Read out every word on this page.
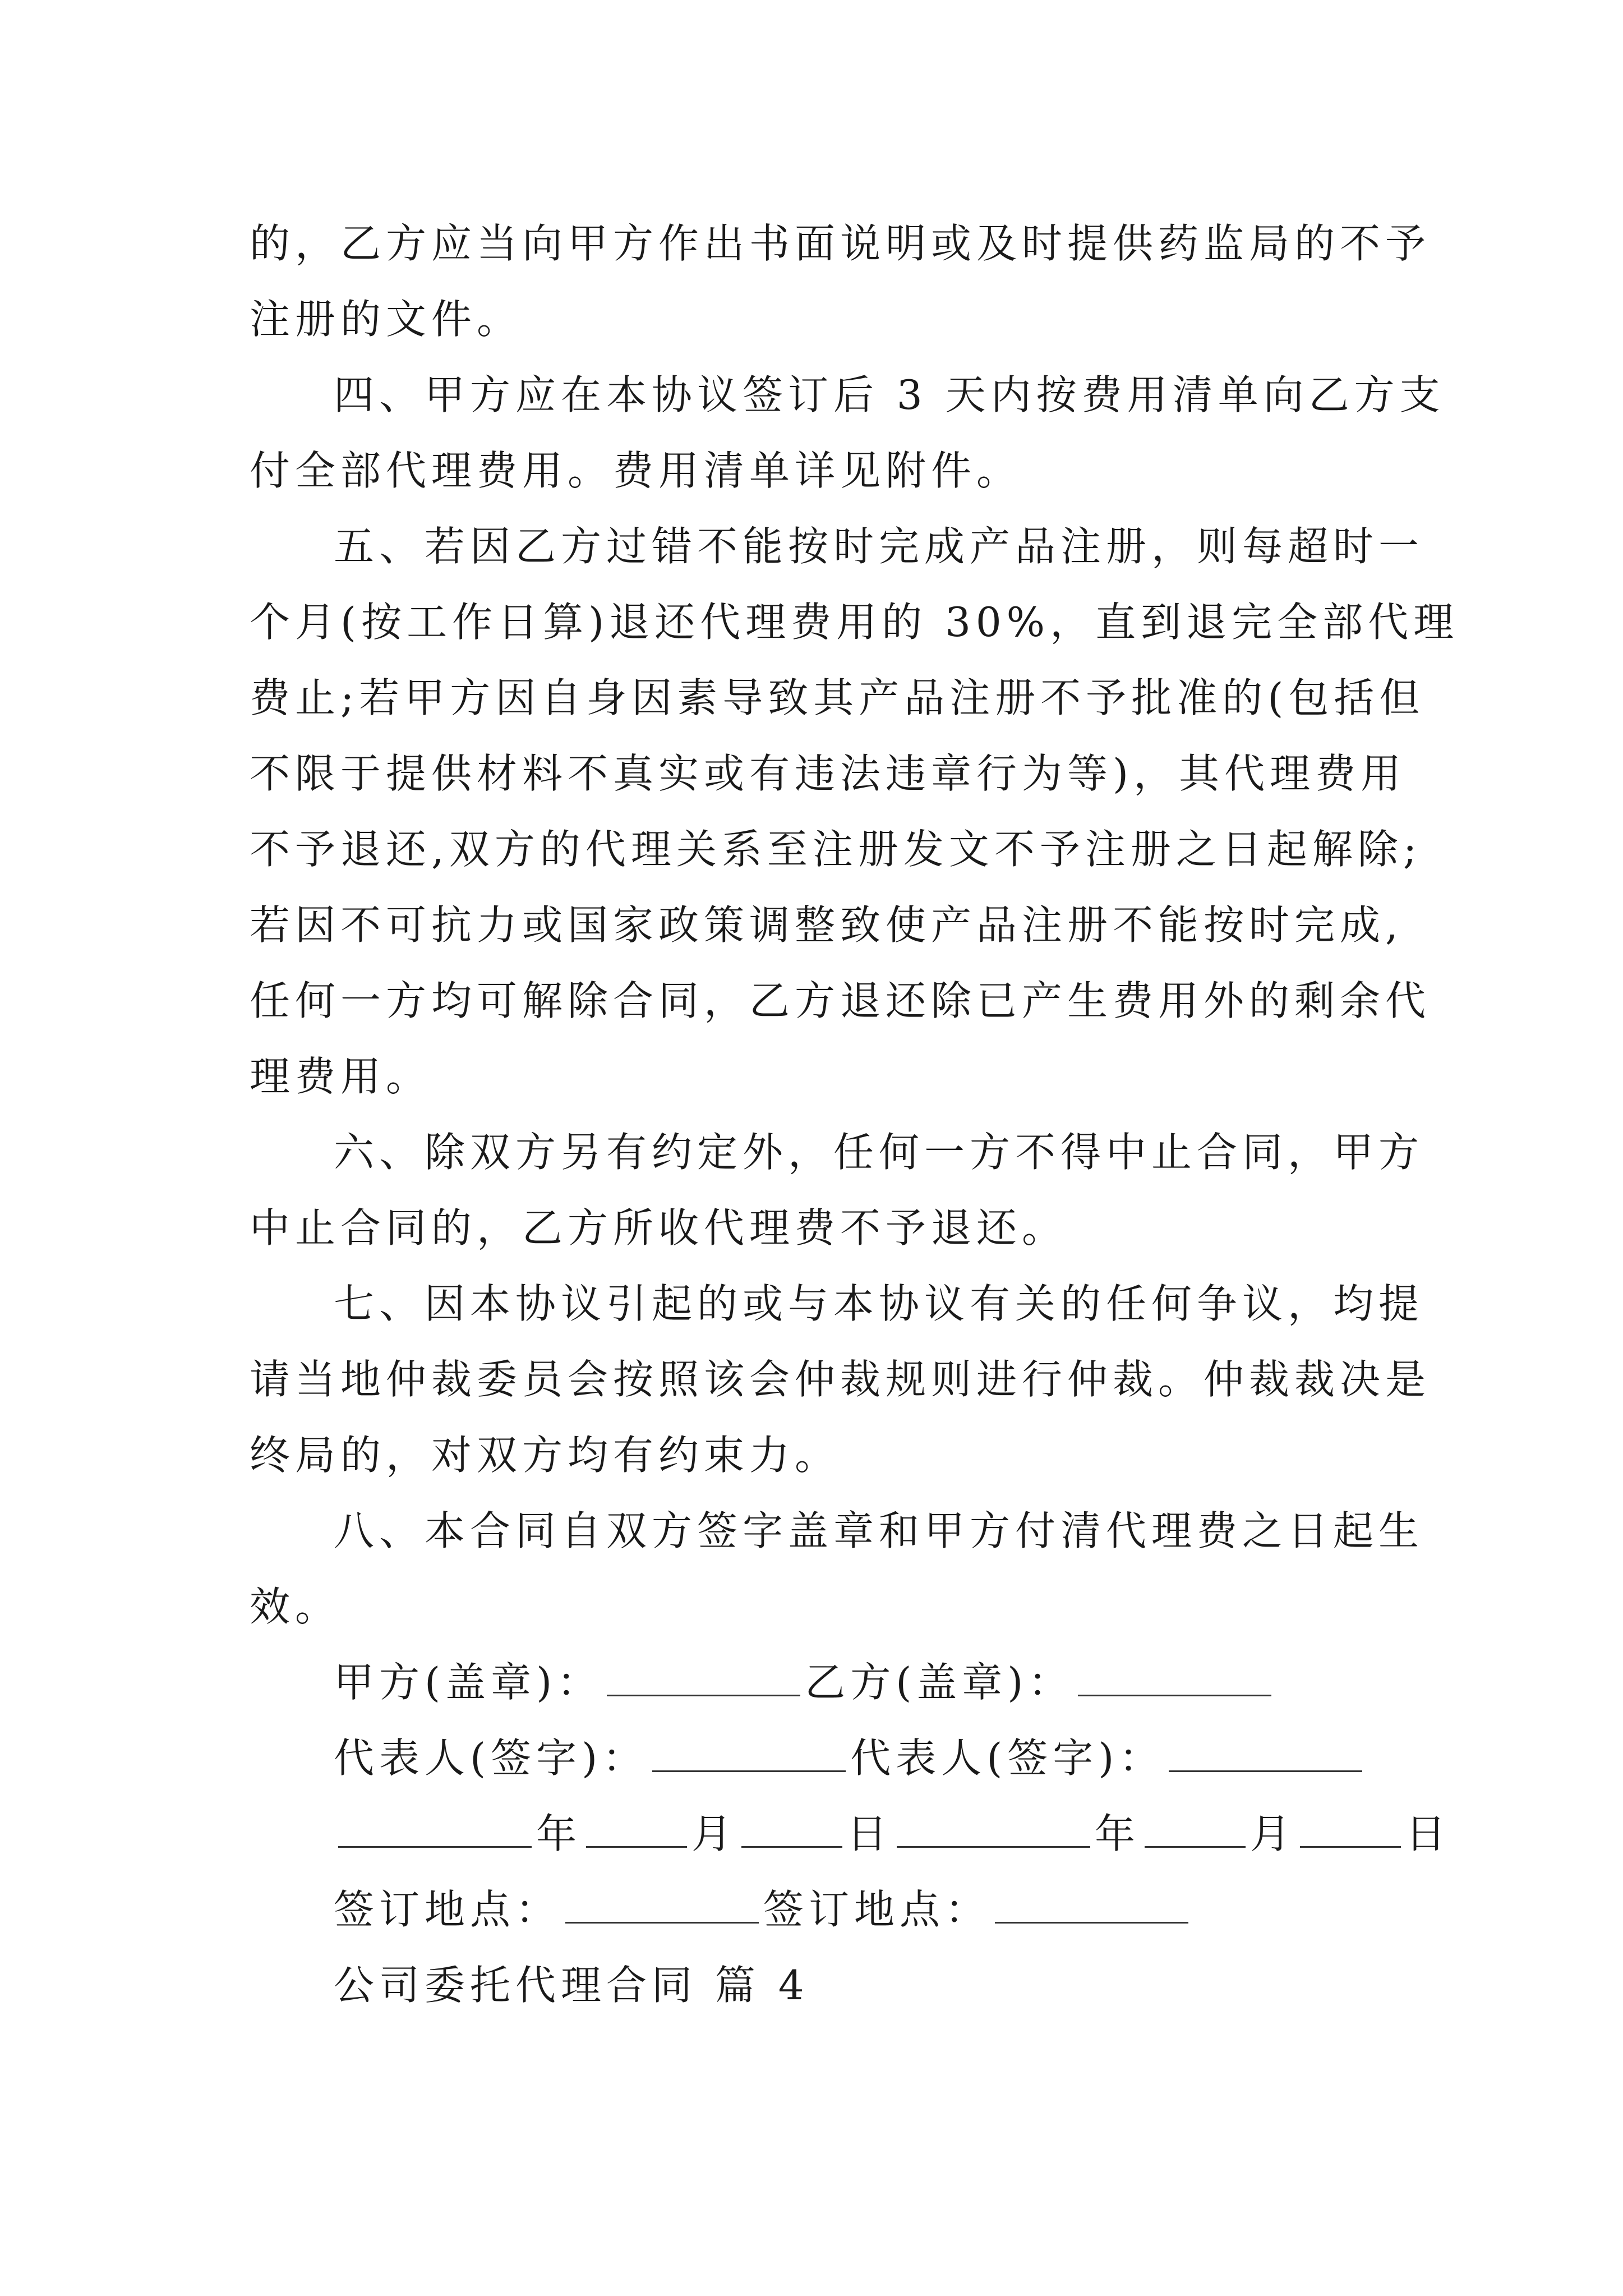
的，乙方应当向甲方作出书面说明或及时提供药监局的不予
注册的文件。
四、甲方应在本协议签订后 3 天内按费用清单向乙方支
付全部代理费用。费用清单详见附件。
五、若因乙方过错不能按时完成产品注册，则每超时一
个月(按工作日算)退还代理费用的 30%，直到退完全部代理
费止;若甲方因自身因素导致其产品注册不予批准的(包括但
不限于提供材料不真实或有违法违章行为等)，其代理费用
不予退还,双方的代理关系至注册发文不予注册之日起解除;
若因不可抗力或国家政策调整致使产品注册不能按时完成,
任何一方均可解除合同，乙方退还除已产生费用外的剩余代
理费用。
六、除双方另有约定外，任何一方不得中止合同，甲方
中止合同的，乙方所收代理费不予退还。
七、因本协议引起的或与本协议有关的任何争议，均提
请当地仲裁委员会按照该会仲裁规则进行仲裁。仲裁裁决是
终局的，对双方均有约束力。
八、本合同自双方签字盖章和甲方付清代理费之日起生
效。
甲方(盖章)：	乙方(盖章)：
代表人(签字)：	代表人(签字)：
年	月	日	年	月	日
签订地点：	签订地点：
公司委托代理合同 篇 4
